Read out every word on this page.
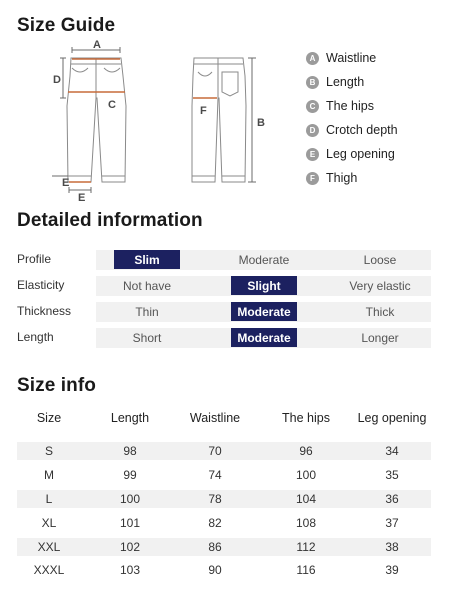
Size Guide
A
D
C
E
E
F
B
A Waistline
B Length
C The hips
D Crotch depth
E Leg opening
F Thigh
Detailed information
Profile	Slim	Moderate	Loose
Elasticity	Not have	Slight	Very elastic
Thickness	Thin	Moderate	Thick
Length	Short	Moderate	Longer
Size info
Size	Length	Waistline	The hips	Leg opening
S	98	70	96	34
M	99	74	100	35
L	100	78	104	36
XL	101	82	108	37
XXL	102	86	112	38
XXXL	103	90	116	39
